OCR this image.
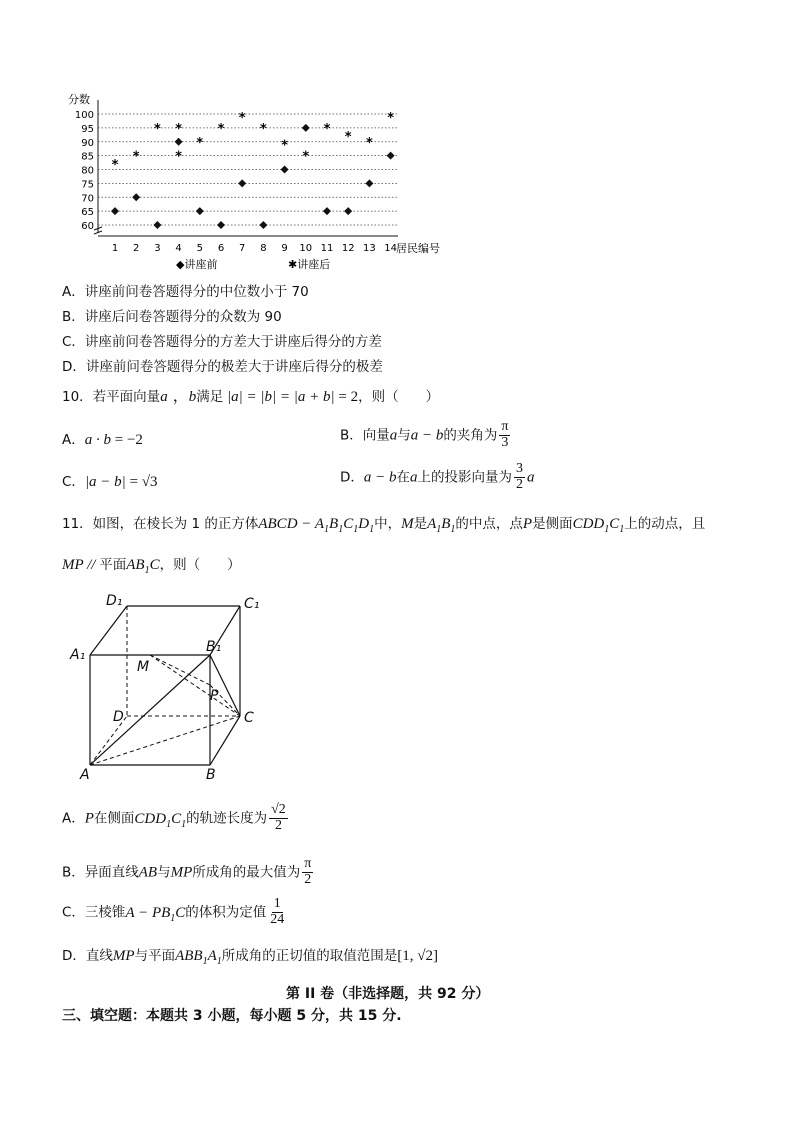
分数
居民编号
60
65
70
75
80
85
90
95
100
1 2 3 4 5 6 7 8 9 10 11 12 13 14
*
*
* *
*
*
*
*
*
*
*
*
* *
*
◆讲座前	✱讲座后
A．讲座前问卷答题得分的中位数小于 70
B．讲座后问卷答题得分的众数为 90
C．讲座前问卷答题得分的方差大于讲座后得分的方差
D．讲座前问卷答题得分的极差大于讲座后得分的极差
10．若平面向量a ，b满足 |a| = |b| = |a + b| = 2，则（　　）
A．a · b = −2	B．向量a与a − b的夹角为 $\frac{\pi}{3}$
C．|a − b| = √3	D．a − b在a上的投影向量为 $\frac{3}{2}$ a
11．如图，在棱长为 1 的正方体ABCD − $A_1B_1C_1D_1$中，M是$A_1B_1$的中点，点P是侧面$CDD_1C_1$上的动点，且
MP // 平面$AB_1C$，则（　　）
D₁	C₁
A₁	B₁
M
P
D	C
A	B
A．P在侧面$CDD_1C_1$的轨迹长度为 $\frac{√2}{2}$
B．异面直线AB与MP所成角的最大值为 $\frac{\pi}{2}$
C．三棱锥$A - PB_1C$的体积为定值 $\frac{1}{24}$
D．直线MP与平面$ABB_1A_1$所成角的正切值的取值范围是[1, √2]
第 II 卷（非选择题，共 92 分）
三、填空题：本题共 3 小题，每小题 5 分，共 15 分.
